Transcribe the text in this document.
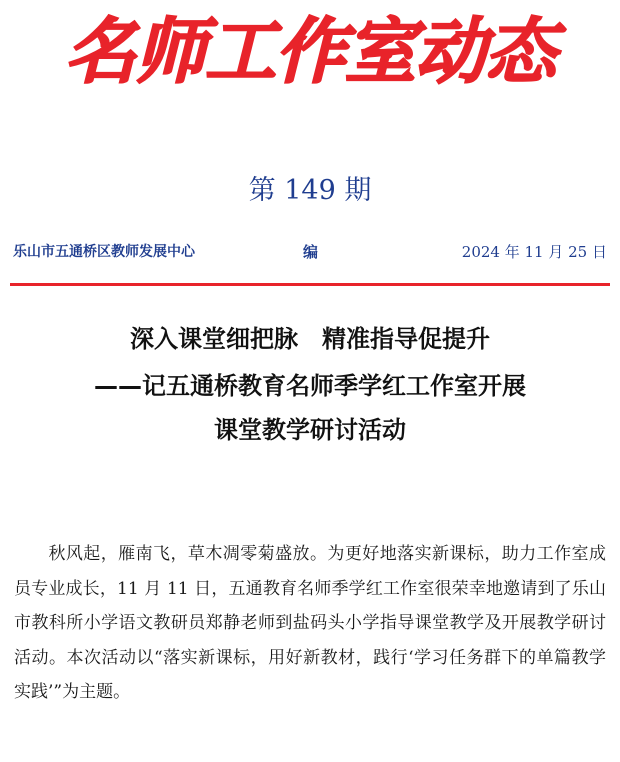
名师工作室动态
第 149 期
乐山市五通桥区教师发展中心	编	2024 年 11 月 25 日
深入课堂细把脉　精准指导促提升
——记五通桥教育名师季学红工作室开展
课堂教学研讨活动
秋风起，雁南飞，草木凋零菊盛放。为更好地落实新课标，助力工作室成员专业成长，11 月 11 日，五通教育名师季学红工作室很荣幸地邀请到了乐山市教科所小学语文教研员郑静老师到盐码头小学指导课堂教学及开展教学研讨活动。本次活动以“落实新课标，用好新教材，践行‘学习任务群下的单篇教学实践’”为主题。
